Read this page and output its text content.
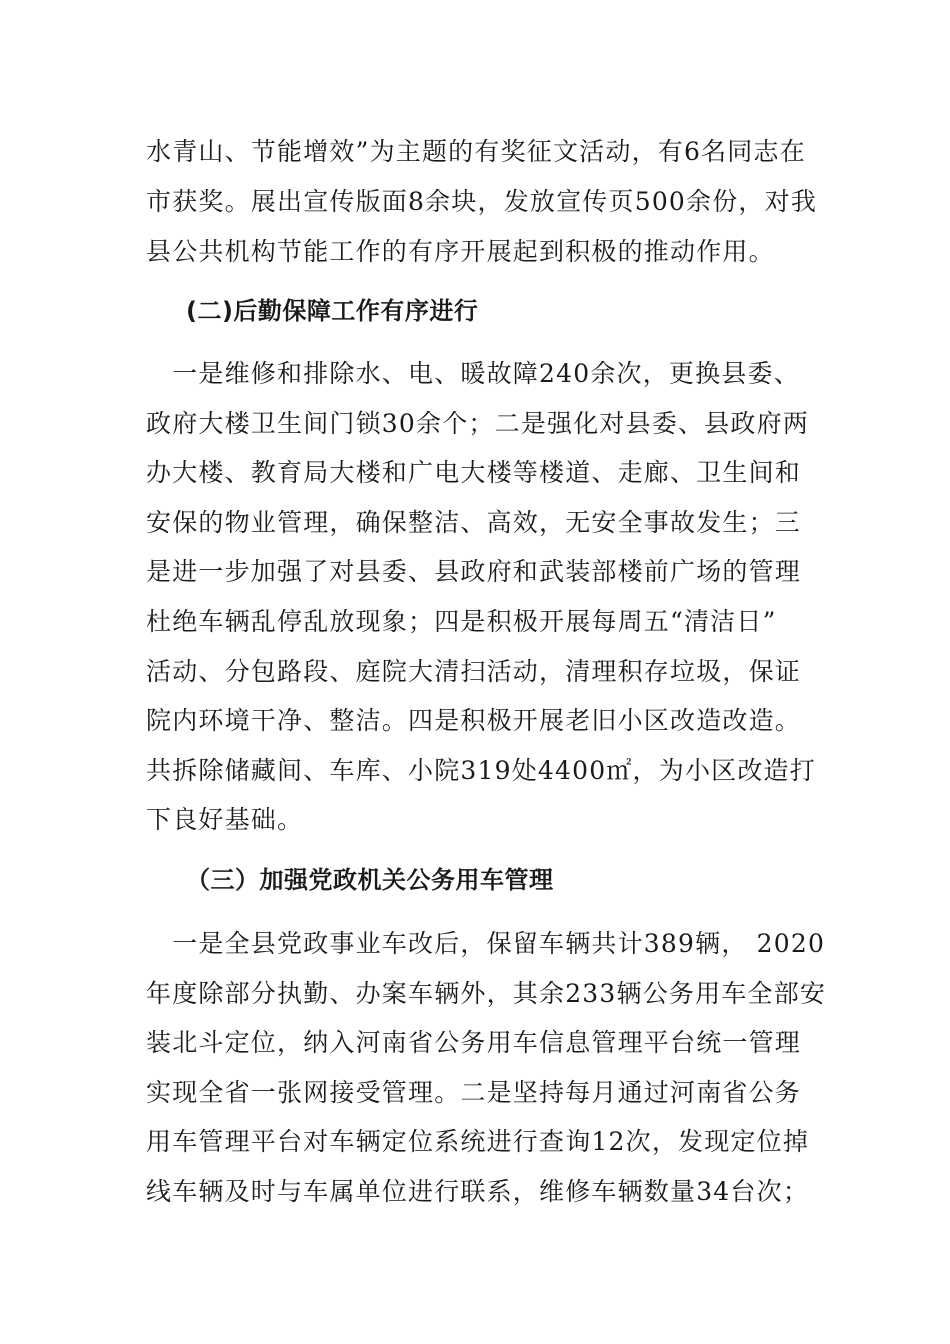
水青山、节能增效”为主题的有奖征文活动，有6名同志在
市获奖。展出宣传版面8余块，发放宣传页500余份，对我
县公共机构节能工作的有序开展起到积极的推动作用。
(二)后勤保障工作有序进行
　一是维修和排除水、电、暖故障240余次，更换县委、
政府大楼卫生间门锁30余个；二是强化对县委、县政府两
办大楼、教育局大楼和广电大楼等楼道、走廊、卫生间和
安保的物业管理，确保整洁、高效，无安全事故发生；三
是进一步加强了对县委、县政府和武装部楼前广场的管理
杜绝车辆乱停乱放现象；四是积极开展每周五“清洁日”
活动、分包路段、庭院大清扫活动，清理积存垃圾，保证
院内环境干净、整洁。四是积极开展老旧小区改造改造。
共拆除储藏间、车库、小院319处4400㎡，为小区改造打
下良好基础。
（三）加强党政机关公务用车管理
　一是全县党政事业车改后，保留车辆共计389辆， 2020
年度除部分执勤、办案车辆外，其余233辆公务用车全部安
装北斗定位，纳入河南省公务用车信息管理平台统一管理
实现全省一张网接受管理。二是坚持每月通过河南省公务
用车管理平台对车辆定位系统进行查询12次，发现定位掉
线车辆及时与车属单位进行联系，维修车辆数量34台次；
